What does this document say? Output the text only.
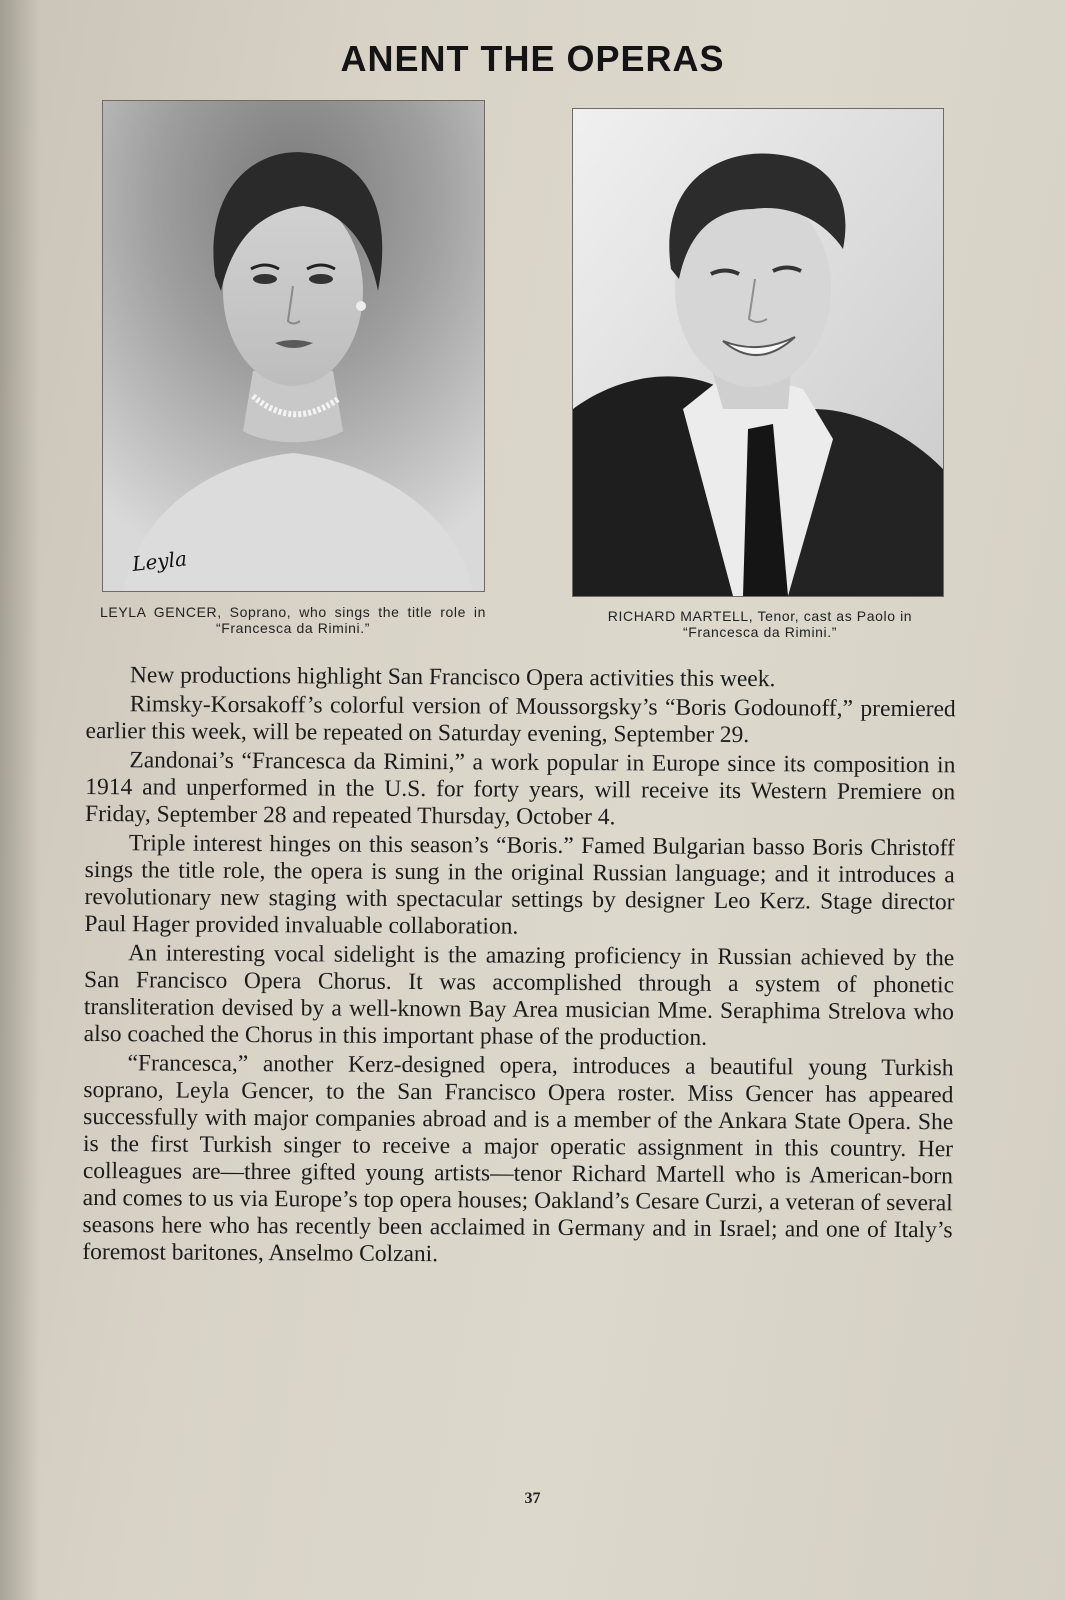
ANENT THE OPERAS
Leyla

LEYLA GENCER, Soprano, who sings the title role in “Francesca da Rimini.”

RICHARD MARTELL, Tenor, cast as Paolo in “Francesca da Rimini.”

New productions highlight San Francisco Opera activities this week.

Rimsky-Korsakoff’s colorful version of Moussorgsky’s “Boris Godounoff,” premiered earlier this week, will be repeated on Saturday evening, September 29.

Zandonai’s “Francesca da Rimini,” a work popular in Europe since its composition in 1914 and unperformed in the U.S. for forty years, will receive its Western Premiere on Friday, September 28 and repeated Thursday, October 4.

Triple interest hinges on this season’s “Boris.” Famed Bulgarian basso Boris Christoff sings the title role, the opera is sung in the original Russian language; and it introduces a revolutionary new staging with spectacular settings by designer Leo Kerz. Stage director Paul Hager provided invaluable collaboration.

An interesting vocal sidelight is the amazing proficiency in Russian achieved by the San Francisco Opera Chorus. It was accomplished through a system of phonetic transliteration devised by a well-known Bay Area musician Mme. Seraphima Strelova who also coached the Chorus in this important phase of the production.

“Francesca,” another Kerz-designed opera, introduces a beautiful young Turkish soprano, Leyla Gencer, to the San Francisco Opera roster. Miss Gencer has appeared successfully with major companies abroad and is a member of the Ankara State Opera. She is the first Turkish singer to receive a major operatic assignment in this country. Her colleagues are—three gifted young artists—tenor Richard Martell who is American-born and comes to us via Europe’s top opera houses; Oakland’s Cesare Curzi, a veteran of several seasons here who has recently been acclaimed in Germany and in Israel; and one of Italy’s foremost baritones, Anselmo Colzani.

37
